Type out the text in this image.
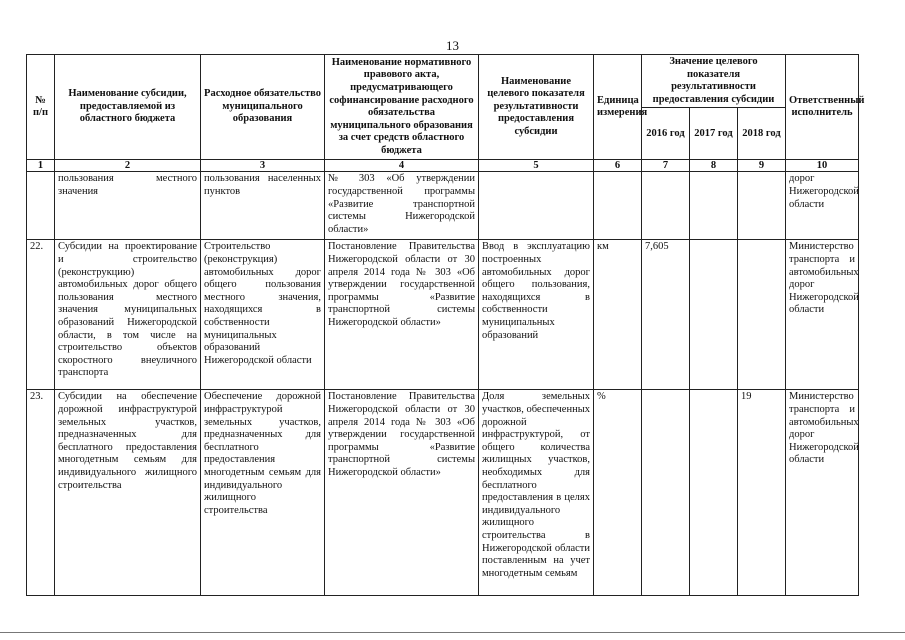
13
№ п/п	Наименование субсидии, предоставляемой из областного бюджета	Расходное обязательство муниципального образования	Наименование нормативного правового акта, предусматривающего софинансирование расходного обязательства муниципального образования за счет средств областного бюджета	Наименование целевого показателя результативности предоставления субсидии	Единица измерения	Значение целевого показателя результативности предоставления субсидии			Ответственный исполнитель
						2016 год	2017 год	2018 год	
1	2	3	4	5	6	7	8	9	10
	пользования местного значения	пользования населенных пунктов	№ 303 «Об утверждении государственной программы «Развитие транспортной системы Нижегородской области»						дорог Нижегородской области
22.	Субсидии на проектирование и строительство (реконструкцию) автомобильных дорог общего пользования местного значения муниципальных образований Нижегородской области, в том числе на строительство объектов скоростного внеуличного транспорта	Строительство (реконструкция) автомобильных дорог общего пользования местного значения, находящихся в собственности муниципальных образований Нижегородской области	Постановление Правительства Нижегородской области от 30 апреля 2014 года № 303 «Об утверждении государственной программы «Развитие транспортной системы Нижегородской области»	Ввод в эксплуатацию построенных автомобильных дорог общего пользования, находящихся в собственности муниципальных образований	км	7,605			Министерство транспорта и автомобильных дорог Нижегородской области
23.	Субсидии на обеспечение дорожной инфраструктурой земельных участков, предназначенных для бесплатного предоставления многодетным семьям для индивидуального жилищного строительства	Обеспечение дорожной инфраструктурой земельных участков, предназначенных для бесплатного предоставления многодетным семьям для индивидуального жилищного строительства	Постановление Правительства Нижегородской области от 30 апреля 2014 года № 303 «Об утверждении государственной программы «Развитие транспортной системы Нижегородской области»	Доля земельных участков, обеспеченных дорожной инфраструктурой, от общего количества жилищных участков, необходимых для бесплатного предоставления в целях индивидуального жилищного строительства в Нижегородской области поставленным на учет многодетным семьям	%			19	Министерство транспорта и автомобильных дорог Нижегородской области
